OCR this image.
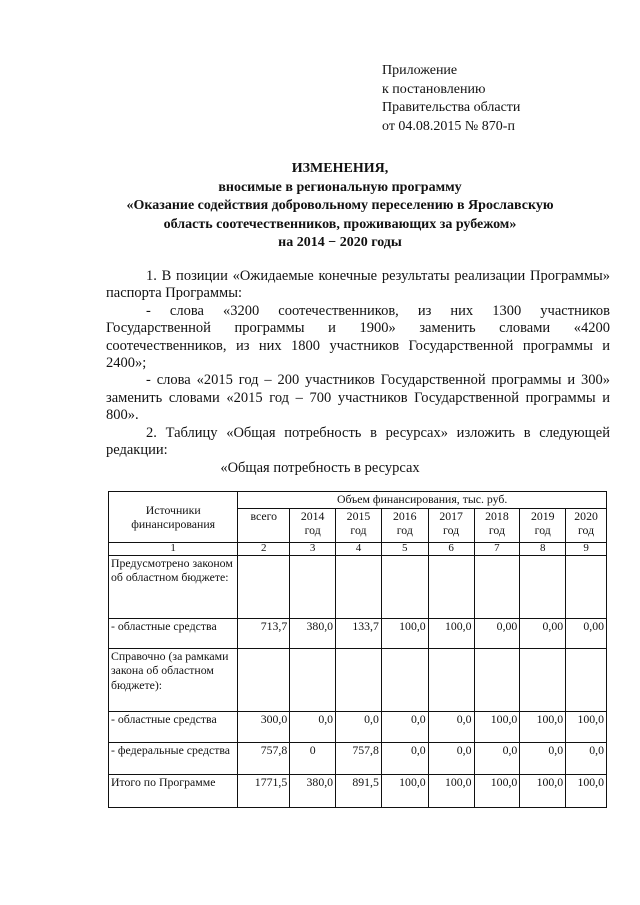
Приложение
к постановлению
Правительства области
от 04.08.2015 № 870-п
ИЗМЕНЕНИЯ,
вносимые в региональную программу
«Оказание содействия добровольному переселению в Ярославскую
область соотечественников, проживающих за рубежом»
на 2014 − 2020 годы

1. В позиции «Ожидаемые конечные результаты реализации Программы» паспорта Программы:

- слова «3200 соотечественников, из них 1300 участников Государственной программы и 1900» заменить словами «4200 соотечественников, из них 1800 участников Государственной программы и 2400»;

- слова «2015 год – 200 участников Государственной программы и 300» заменить словами «2015 год – 700 участников Государственной программы и 800».

2. Таблицу «Общая потребность в ресурсах» изложить в следующей редакции:

«Общая потребность в ресурсах
Источники финансирования	Объем финансирования, тыс. руб.							
	всего	2014 год	2015 год	2016 год	2017 год	2018 год	2019 год	2020 год
1	2	3	4	5	6	7	8	9
Предусмотрено законом об областном бюджете:								
- областные средства	713,7	380,0	133,7	100,0	100,0	0,00	0,00	0,00
Справочно (за рамками закона об областном бюджете):								
- областные средства	300,0	0,0	0,0	0,0	0,0	100,0	100,0	100,0
- федеральные средства	757,8	0	757,8	0,0	0,0	0,0	0,0	0,0
Итого по Программе	1771,5	380,0	891,5	100,0	100,0	100,0	100,0	100,0
